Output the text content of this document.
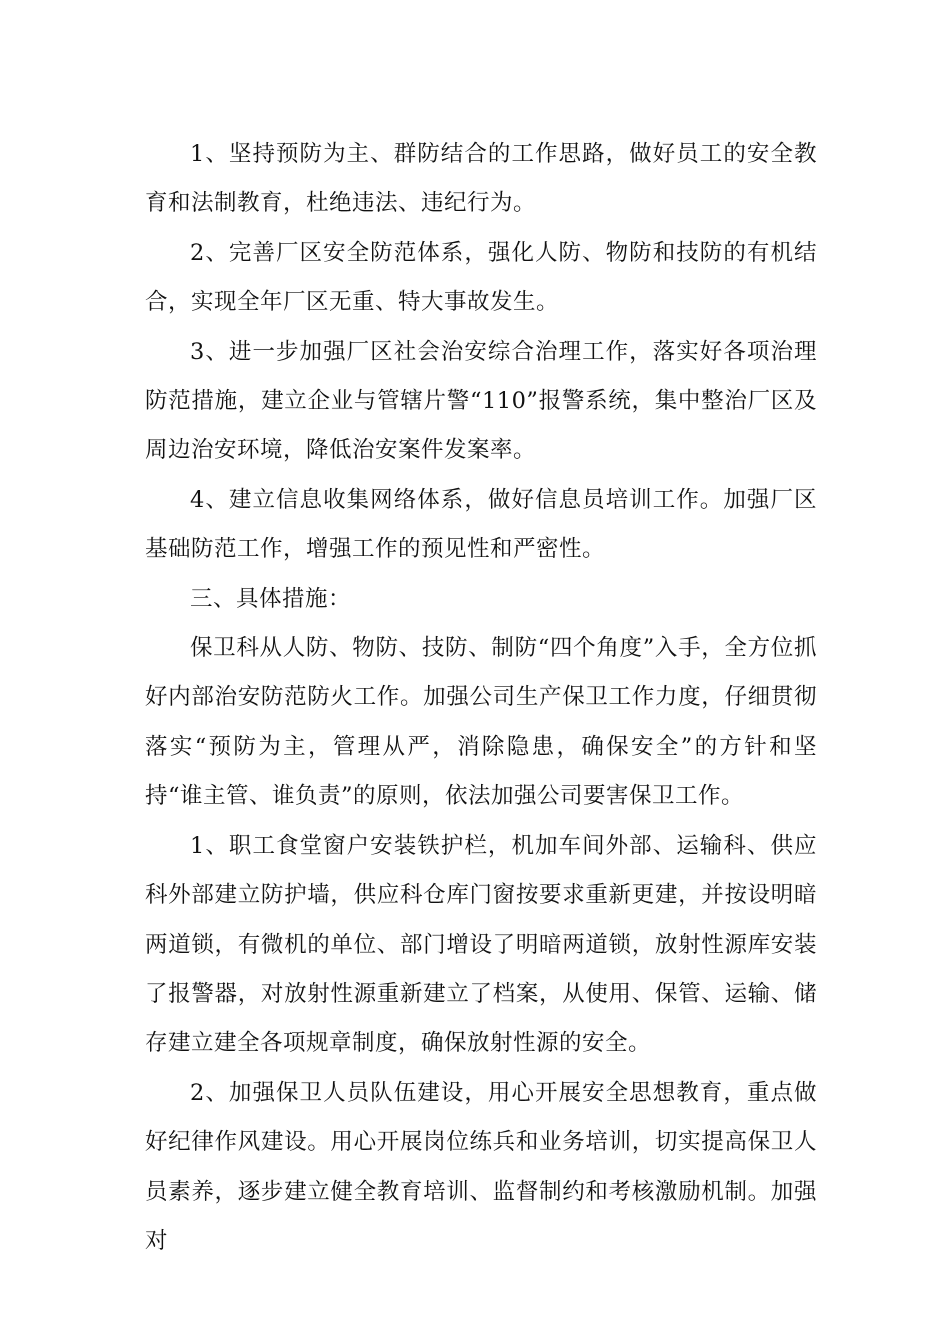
1、坚持预防为主、群防结合的工作思路，做好员工的安全教育和法制教育，杜绝违法、违纪行为。

2、完善厂区安全防范体系，强化人防、物防和技防的有机结合，实现全年厂区无重、特大事故发生。

3、进一步加强厂区社会治安综合治理工作，落实好各项治理防范措施，建立企业与管辖片警“110”报警系统，集中整治厂区及周边治安环境，降低治安案件发案率。

4、建立信息收集网络体系，做好信息员培训工作。加强厂区基础防范工作，增强工作的预见性和严密性。

三、具体措施：

保卫科从人防、物防、技防、制防“四个角度”入手，全方位抓好内部治安防范防火工作。加强公司生产保卫工作力度，仔细贯彻落实“预防为主，管理从严，消除隐患，确保安全”的方针和坚持“谁主管、谁负责”的原则，依法加强公司要害保卫工作。

1、职工食堂窗户安装铁护栏，机加车间外部、运输科、供应科外部建立防护墙，供应科仓库门窗按要求重新更建，并按设明暗两道锁，有微机的单位、部门增设了明暗两道锁，放射性源库安装了报警器，对放射性源重新建立了档案，从使用、保管、运输、储存建立建全各项规章制度，确保放射性源的安全。

2、加强保卫人员队伍建设，用心开展安全思想教育，重点做好纪律作风建设。用心开展岗位练兵和业务培训，切实提高保卫人员素养，逐步建立健全教育培训、监督制约和考核激励机制。加强对
